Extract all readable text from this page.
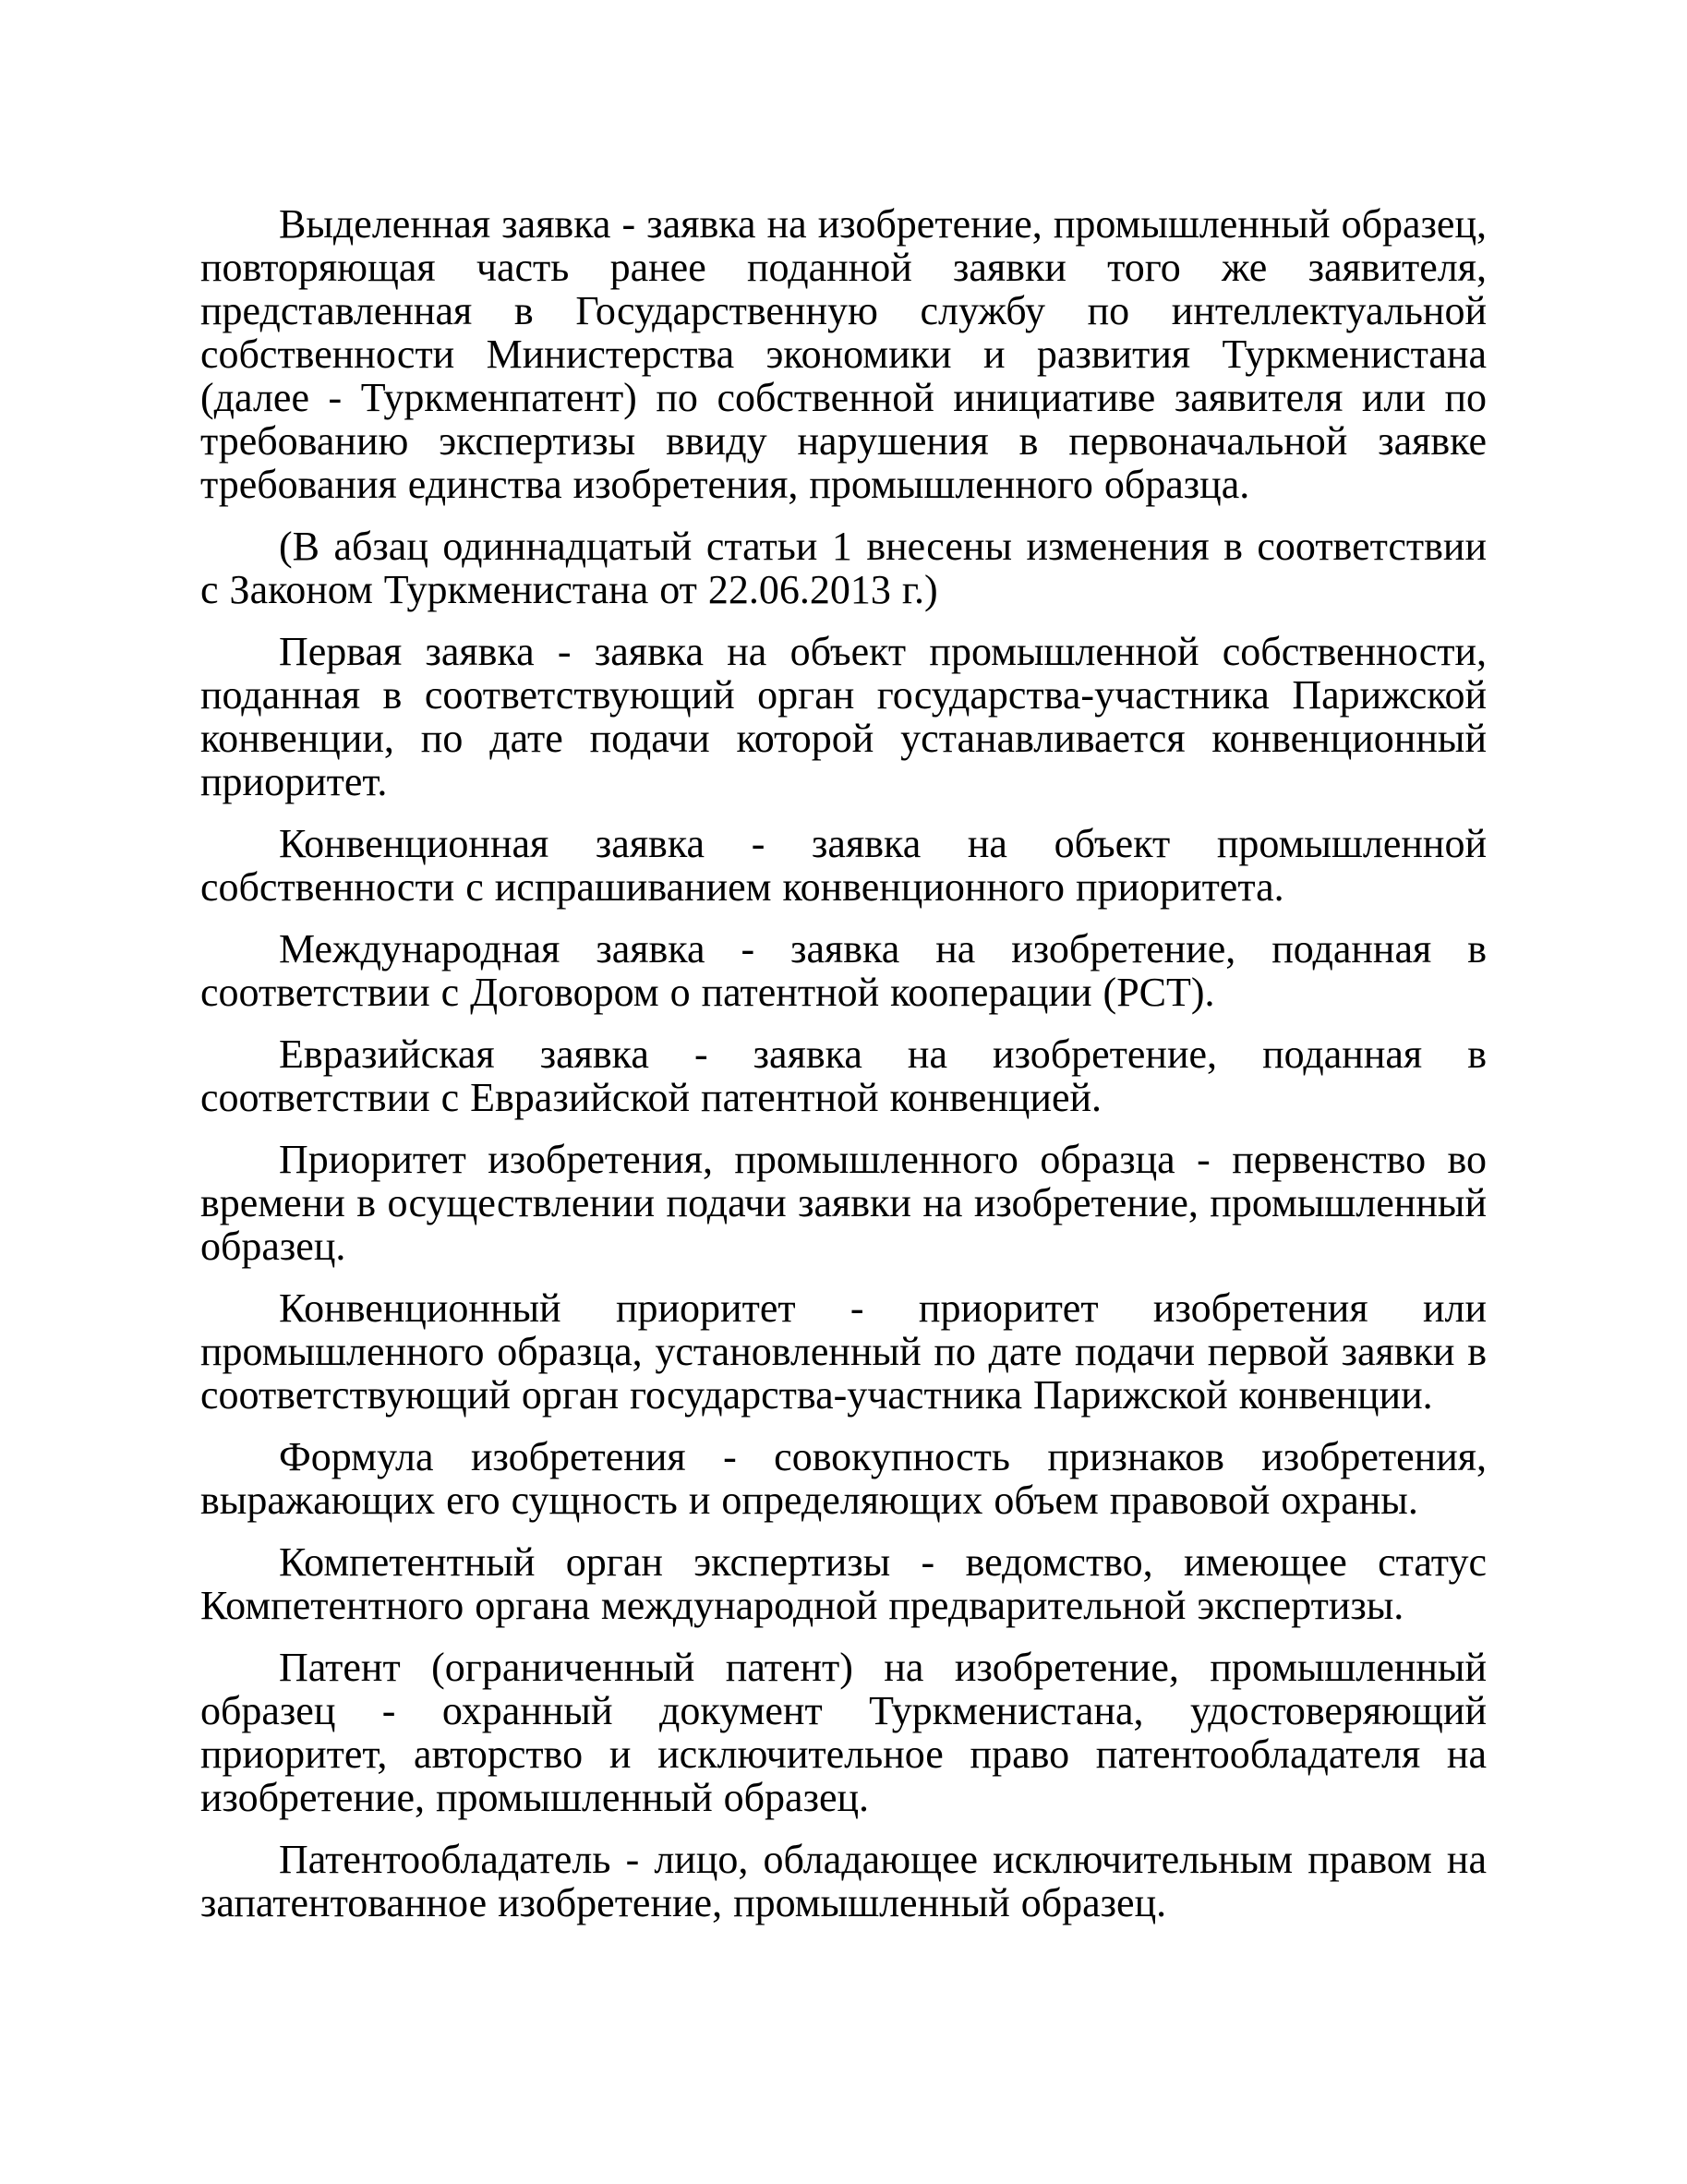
Выделенная заявка - заявка на изобретение, промышленный образец, повторяющая часть ранее поданной заявки того же заявителя, представленная в Государственную службу по интеллектуальной собственности Министерства экономики и развития Туркменистана (далее - Туркменпатент) по собственной инициативе заявителя или по требованию экспертизы ввиду нарушения в первоначальной заявке требования единства изобретения, промышленного образца.

(В абзац одиннадцатый статьи 1 внесены изменения в соответствии с Законом Туркменистана от 22.06.2013 г.)

Первая заявка - заявка на объект промышленной собственности, поданная в соответствующий орган государства-участника Парижской конвенции, по дате подачи которой устанавливается конвенционный приоритет.

Конвенционная заявка - заявка на объект промышленной собственности с испрашиванием конвенционного приоритета.

Международная заявка - заявка на изобретение, поданная в соответствии с Договором о патентной кооперации (PCT).

Евразийская заявка - заявка на изобретение, поданная в соответствии с Евразийской патентной конвенцией.

Приоритет изобретения, промышленного образца - первенство во времени в осуществлении подачи заявки на изобретение, промышленный образец.

Конвенционный приоритет - приоритет изобретения или промышленного образца, установленный по дате подачи первой заявки в соответствующий орган государства-участника Парижской конвенции.

Формула изобретения - совокупность признаков изобретения, выражающих его сущность и определяющих объем правовой охраны.

Компетентный орган экспертизы - ведомство, имеющее статус Компетентного органа международной предварительной экспертизы.

Патент (ограниченный патент) на изобретение, промышленный образец - охранный документ Туркменистана, удостоверяющий приоритет, авторство и исключительное право патентообладателя на изобретение, промышленный образец.

Патентообладатель - лицо, обладающее исключительным правом на запатентованное изобретение, промышленный образец.
